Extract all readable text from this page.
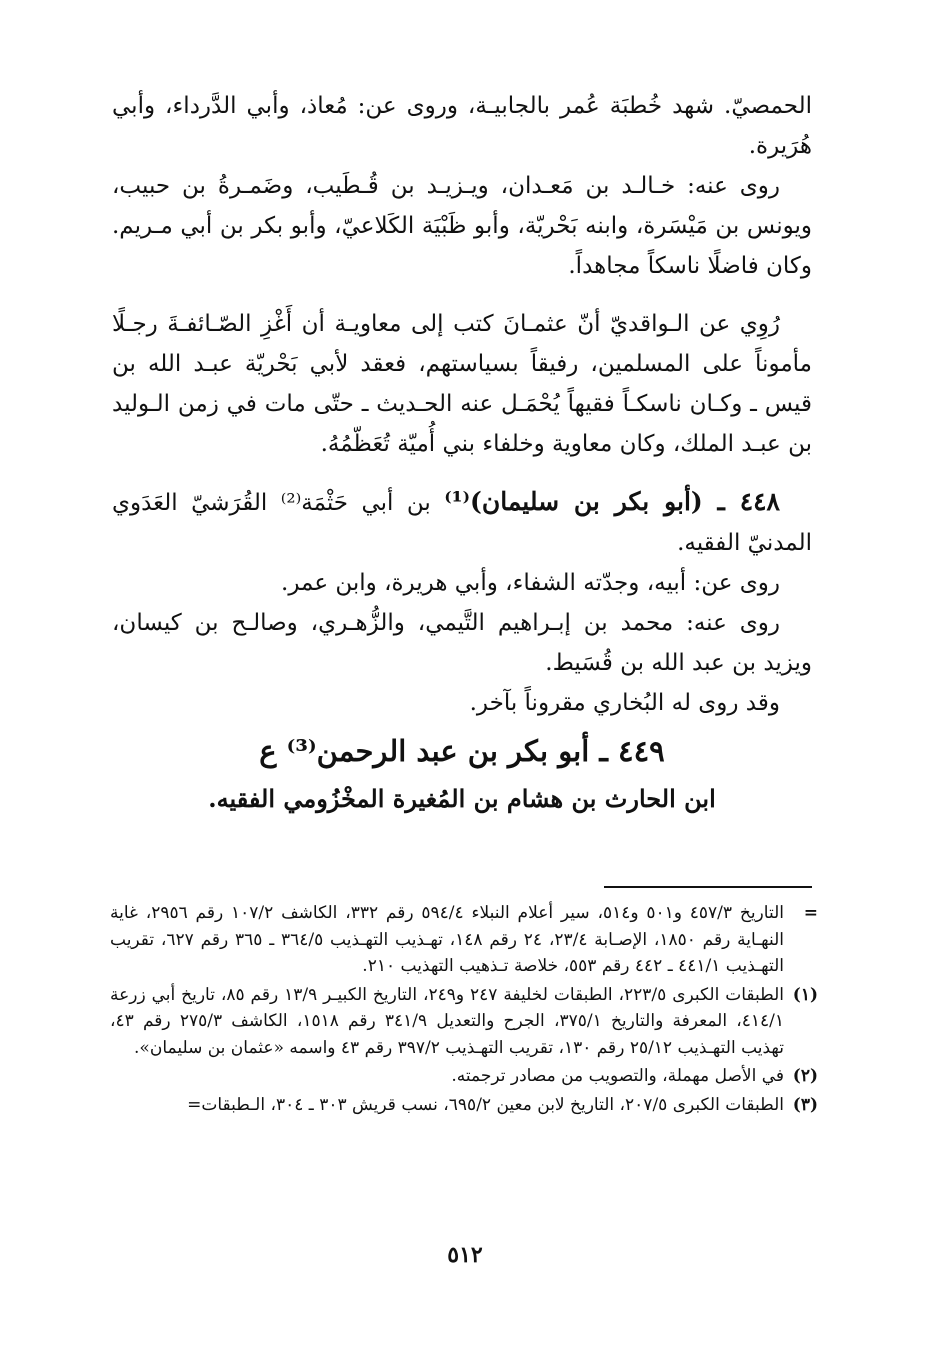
الحمصيّ. شهد خُطبَة عُمر بالجابيـة، وروى عن: مُعاذ، وأبي الدَّرداء، وأبي هُرَيرة.

روى عنه: خـالـد بن مَعـدان، ويـزيـد بن قُـطَيب، وضَمـرةُ بن حبيب، ويونس بن مَيْسَرة، وابنه بَحْريّة، وأبو ظَبْيَة الكَلاعيّ، وأبو بكر بن أبي مـريم. وكان فاضلًا ناسكاً مجاهداً.

رُوِي عن الـواقديّ أنّ عثمـانَ كتب إلى معاويـة أن أَغْزِ الصّـائفـةَ رجـلًا مأموناً على المسلمين، رفيقاً بسياستهم، فعقد لأبي بَحْريّة عبـد الله بن قيس ـ وكـان ناسكـاً فقيهاً يُحْمَـل عنه الحـديث ـ حتّى مات في زمن الـوليد بن عبـد الملك، وكان معاوية وخلفاء بني أُميّة تُعَظّمُهُ.

٤٤٨ ـ (أبو بكر بن سليمان)⁽¹⁾ بن أبي حَثْمَة⁽²⁾ القُرَشيّ العَدَوي المدنيّ الفقيه.

روى عن: أبيه، وجدّته الشفاء، وأبي هريرة، وابن عمر.

روى عنه: محمد بن إبـراهيم التَّيمي، والزُّهـري، وصالـح بن كيسان، ويزيد بن عبد الله بن قُسَيط.

وقد روى له البُخاري مقروناً بآخر.

٤٤٩ ـ أبو بكر بن عبد الرحمن⁽³⁾ ع

ابن الحارث بن هشام بن المُغيرة المخْزُومي الفقيه.

=
التاريخ ٤٥٧/٣ و٥٠١ و٥١٤، سير أعلام النبلاء ٥٩٤/٤ رقم ٣٣٢، الكاشف ١٠٧/٢ رقم ٢٩٥٦، غاية النهـاية رقم ١٨٥٠، الإصـابة ٢٣/٤، ٢٤ رقم ١٤٨، تهـذيب التهـذيب ٣٦٤/٥ ـ ٣٦٥ رقم ٦٢٧، تقريب التهـذيب ٤٤١/١ ـ ٤٤٢ رقم ٥٥٣، خلاصة تـذهيب التهذيب ٢١٠.
(١)
الطبقات الكبرى ٢٢٣/٥، الطبقات لخليفة ٢٤٧ و٢٤٩، التاريخ الكبيـر ١٣/٩ رقم ٨٥، تاريخ أبي زرعة ٤١٤/١، المعرفة والتاريخ ٣٧٥/١، الجرح والتعديل ٣٤١/٩ رقم ١٥١٨، الكاشف ٢٧٥/٣ رقم ٤٣، تهذيب التهـذيب ٢٥/١٢ رقم ١٣٠، تقريب التهـذيب ٣٩٧/٢ رقم ٤٣ واسمه «عثمان بن سليمان».
(٢)
في الأصل مهملة، والتصويب من مصادر ترجمته.
(٣)
الطبقات الكبرى ٢٠٧/٥، التاريخ لابن معين ٦٩٥/٢، نسب قريش ٣٠٣ ـ ٣٠٤، الـطبقات=
٥١٢
